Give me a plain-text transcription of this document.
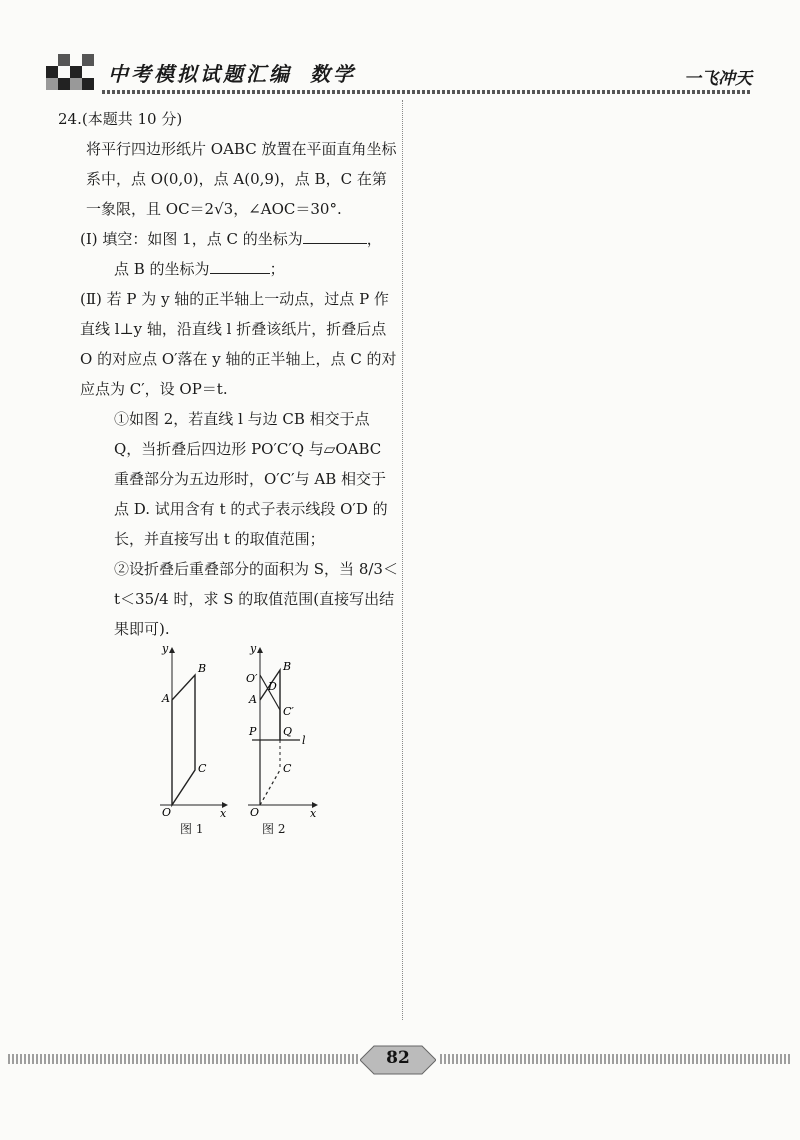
中考模拟试题汇编 数学	一飞冲天
24.(本题共 10 分)
将平行四边形纸片 OABC 放置在平面直角坐标系中，点 O(0,0)，点 A(0,9)，点 B，C 在第一象限，且 OC＝2√3，∠AOC＝30°.
(Ⅰ) 填空：如图 1，点 C 的坐标为	，
点 B 的坐标为	；
(Ⅱ) 若 P 为 y 轴的正半轴上一动点，过点 P 作直线 l⊥y 轴，沿直线 l 折叠该纸片，折叠后点 O 的对应点 O′落在 y 轴的正半轴上，点 C 的对应点为 C′，设 OP＝t.
①如图 2，若直线 l 与边 CB 相交于点 Q，当折叠后四边形 PO′C′Q 与▱OABC 重叠部分为五边形时，O′C′与 AB 相交于点 D. 试用含有 t 的式子表示线段 O′D 的长，并直接写出 t 的取值范围；
②设折叠后重叠部分的面积为 S，当 8/3＜t＜35/4 时，求 S 的取值范围(直接写出结果即可).
y
x
O
A
B
C
y
x
O
A
B
C
O′
D
C′
P Q
l
图 1	图 2
82
